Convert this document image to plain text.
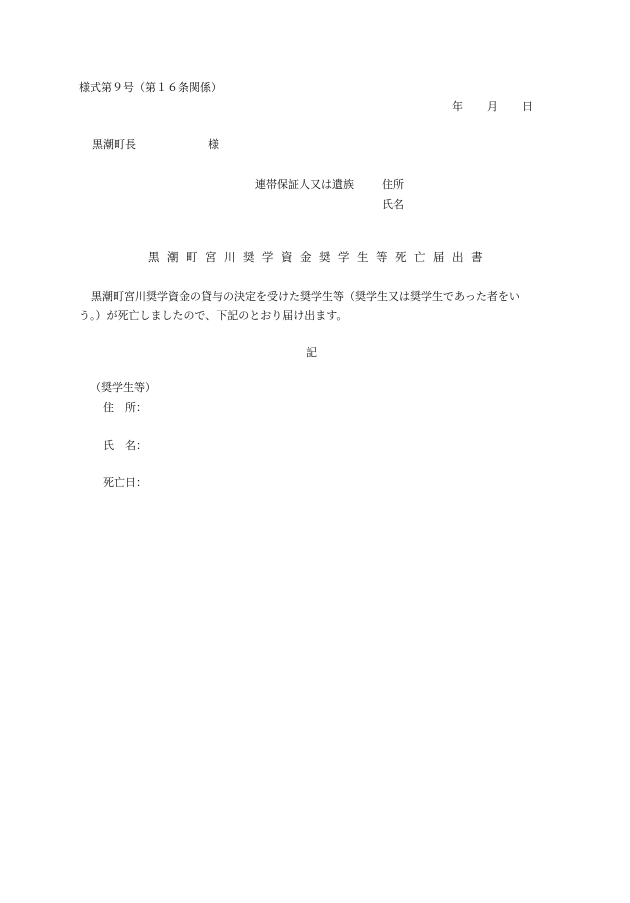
様式第９号（第１６条関係）
年 月 日
黒潮町長	様
連帯保証人又は遺族	住所
氏名
黒潮町宮川奨学資金奨学生等死亡届出書
黒潮町宮川奨学資金の貸与の決定を受けた奨学生等（奨学生又は奨学生であった者をい
う。）が死亡しましたので、下記のとおり届け出ます。
記
（奨学生等）
住　所：
氏　名：
死亡日：
